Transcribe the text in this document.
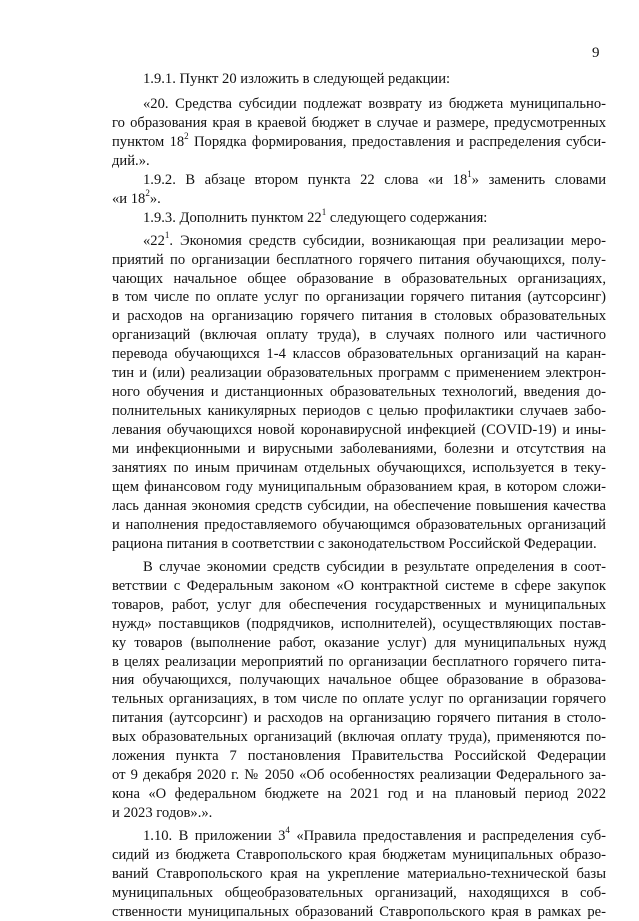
9
1.9.1. Пункт 20 изложить в следующей редакции:
«20. Средства субсидии подлежат возврату из бюджета муниципально-
го образования края в краевой бюджет в случае и размере, предусмотренных
пунктом $18^2$ Порядка формирования, предоставления и распределения субси-
дий.».
1.9.2. В абзаце втором пункта 22 слова «и $18^1$» заменить словами
«и $18^2$».
1.9.3. Дополнить пунктом $22^1$ следующего содержания:
«$22^1$. Экономия средств субсидии, возникающая при реализации меро-
приятий по организации бесплатного горячего питания обучающихся, полу-
чающих начальное общее образование в образовательных организациях,
в том числе по оплате услуг по организации горячего питания (аутсорсинг)
и расходов на организацию горячего питания в столовых образовательных
организаций (включая оплату труда), в случаях полного или частичного
перевода обучающихся 1-4 классов образовательных организаций на каран-
тин и (или) реализации образовательных программ с применением электрон-
ного обучения и дистанционных образовательных технологий, введения до-
полнительных каникулярных периодов с целью профилактики случаев забо-
левания обучающихся новой коронавирусной инфекцией (COVID-19) и ины-
ми инфекционными и вирусными заболеваниями, болезни и отсутствия на
занятиях по иным причинам отдельных обучающихся, используется в теку-
щем финансовом году муниципальным образованием края, в котором сложи-
лась данная экономия средств субсидии, на обеспечение повышения качества
и наполнения предоставляемого обучающимся образовательных организаций
рациона питания в соответствии с законодательством Российской Федерации.
В случае экономии средств субсидии в результате определения в соот-
ветствии с Федеральным законом «О контрактной системе в сфере закупок
товаров, работ, услуг для обеспечения государственных и муниципальных
нужд» поставщиков (подрядчиков, исполнителей), осуществляющих постав-
ку товаров (выполнение работ, оказание услуг) для муниципальных нужд
в целях реализации мероприятий по организации бесплатного горячего пита-
ния обучающихся, получающих начальное общее образование в образова-
тельных организациях, в том числе по оплате услуг по организации горячего
питания (аутсорсинг) и расходов на организацию горячего питания в столо-
вых образовательных организаций (включая оплату труда), применяются по-
ложения пункта 7 постановления Правительства Российской Федерации
от 9 декабря 2020 г. № 2050 «Об особенностях реализации Федерального за-
кона «О федеральном бюджете на 2021 год и на плановый период 2022
и 2023 годов».».
1.10. В приложении $3^4$ «Правила предоставления и распределения суб-
сидий из бюджета Ставропольского края бюджетам муниципальных образо-
ваний Ставропольского края на укрепление материально-технической базы
муниципальных общеобразовательных организаций, находящихся в соб-
ственности муниципальных образований Ставропольского края в рамках ре-
